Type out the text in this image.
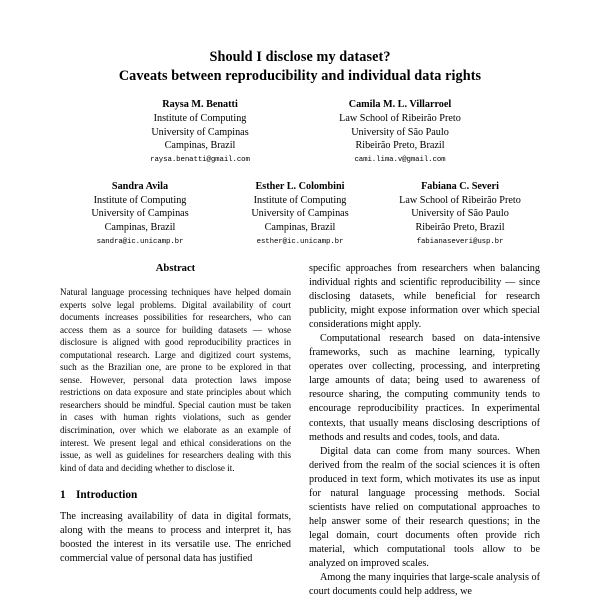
Should I disclose my dataset?
Caveats between reproducibility and individual data rights
Raysa M. Benatti
Institute of Computing
University of Campinas
Campinas, Brazil
raysa.benatti@gmail.com
Camila M. L. Villarroel
Law School of Ribeirão Preto
University of São Paulo
Ribeirão Preto, Brazil
cami.lima.v@gmail.com
Sandra Avila
Institute of Computing
University of Campinas
Campinas, Brazil
sandra@ic.unicamp.br
Esther L. Colombini
Institute of Computing
University of Campinas
Campinas, Brazil
esther@ic.unicamp.br
Fabiana C. Severi
Law School of Ribeirão Preto
University of São Paulo
Ribeirão Preto, Brazil
fabianaseveri@usp.br
Abstract

Natural language processing techniques have helped domain experts solve legal problems. Digital availability of court documents increases possibilities for researchers, who can access them as a source for building datasets — whose disclosure is aligned with good reproducibility practices in computational research. Large and digitized court systems, such as the Brazilian one, are prone to be explored in that sense. However, personal data protection laws impose restrictions on data exposure and state principles about which researchers should be mindful. Special caution must be taken in cases with human rights violations, such as gender discrimination, over which we elaborate as an example of interest. We present legal and ethical considerations on the issue, as well as guidelines for researchers dealing with this kind of data and deciding whether to disclose it.

1 Introduction

The increasing availability of data in digital formats, along with the means to process and interpret it, has boosted the interest in its versatile use. The enriched commercial value of personal data has justified

specific approaches from researchers when balancing individual rights and scientific reproducibility — since disclosing datasets, while beneficial for research publicity, might expose information over which special considerations might apply.

Computational research based on data-intensive frameworks, such as machine learning, typically operates over collecting, processing, and interpreting large amounts of data; being used to awareness of resource sharing, the computing community tends to encourage reproducibility practices. In experimental contexts, that usually means disclosing descriptions of methods and results and codes, tools, and data.

Digital data can come from many sources. When derived from the realm of the social sciences it is often produced in text form, which motivates its use as input for natural language processing methods. Social scientists have relied on computational approaches to help answer some of their research questions; in the legal domain, court documents often provide rich material, which computational tools allow to be analyzed on improved scales.

Among the many inquiries that large-scale analysis of court documents could help address, we
